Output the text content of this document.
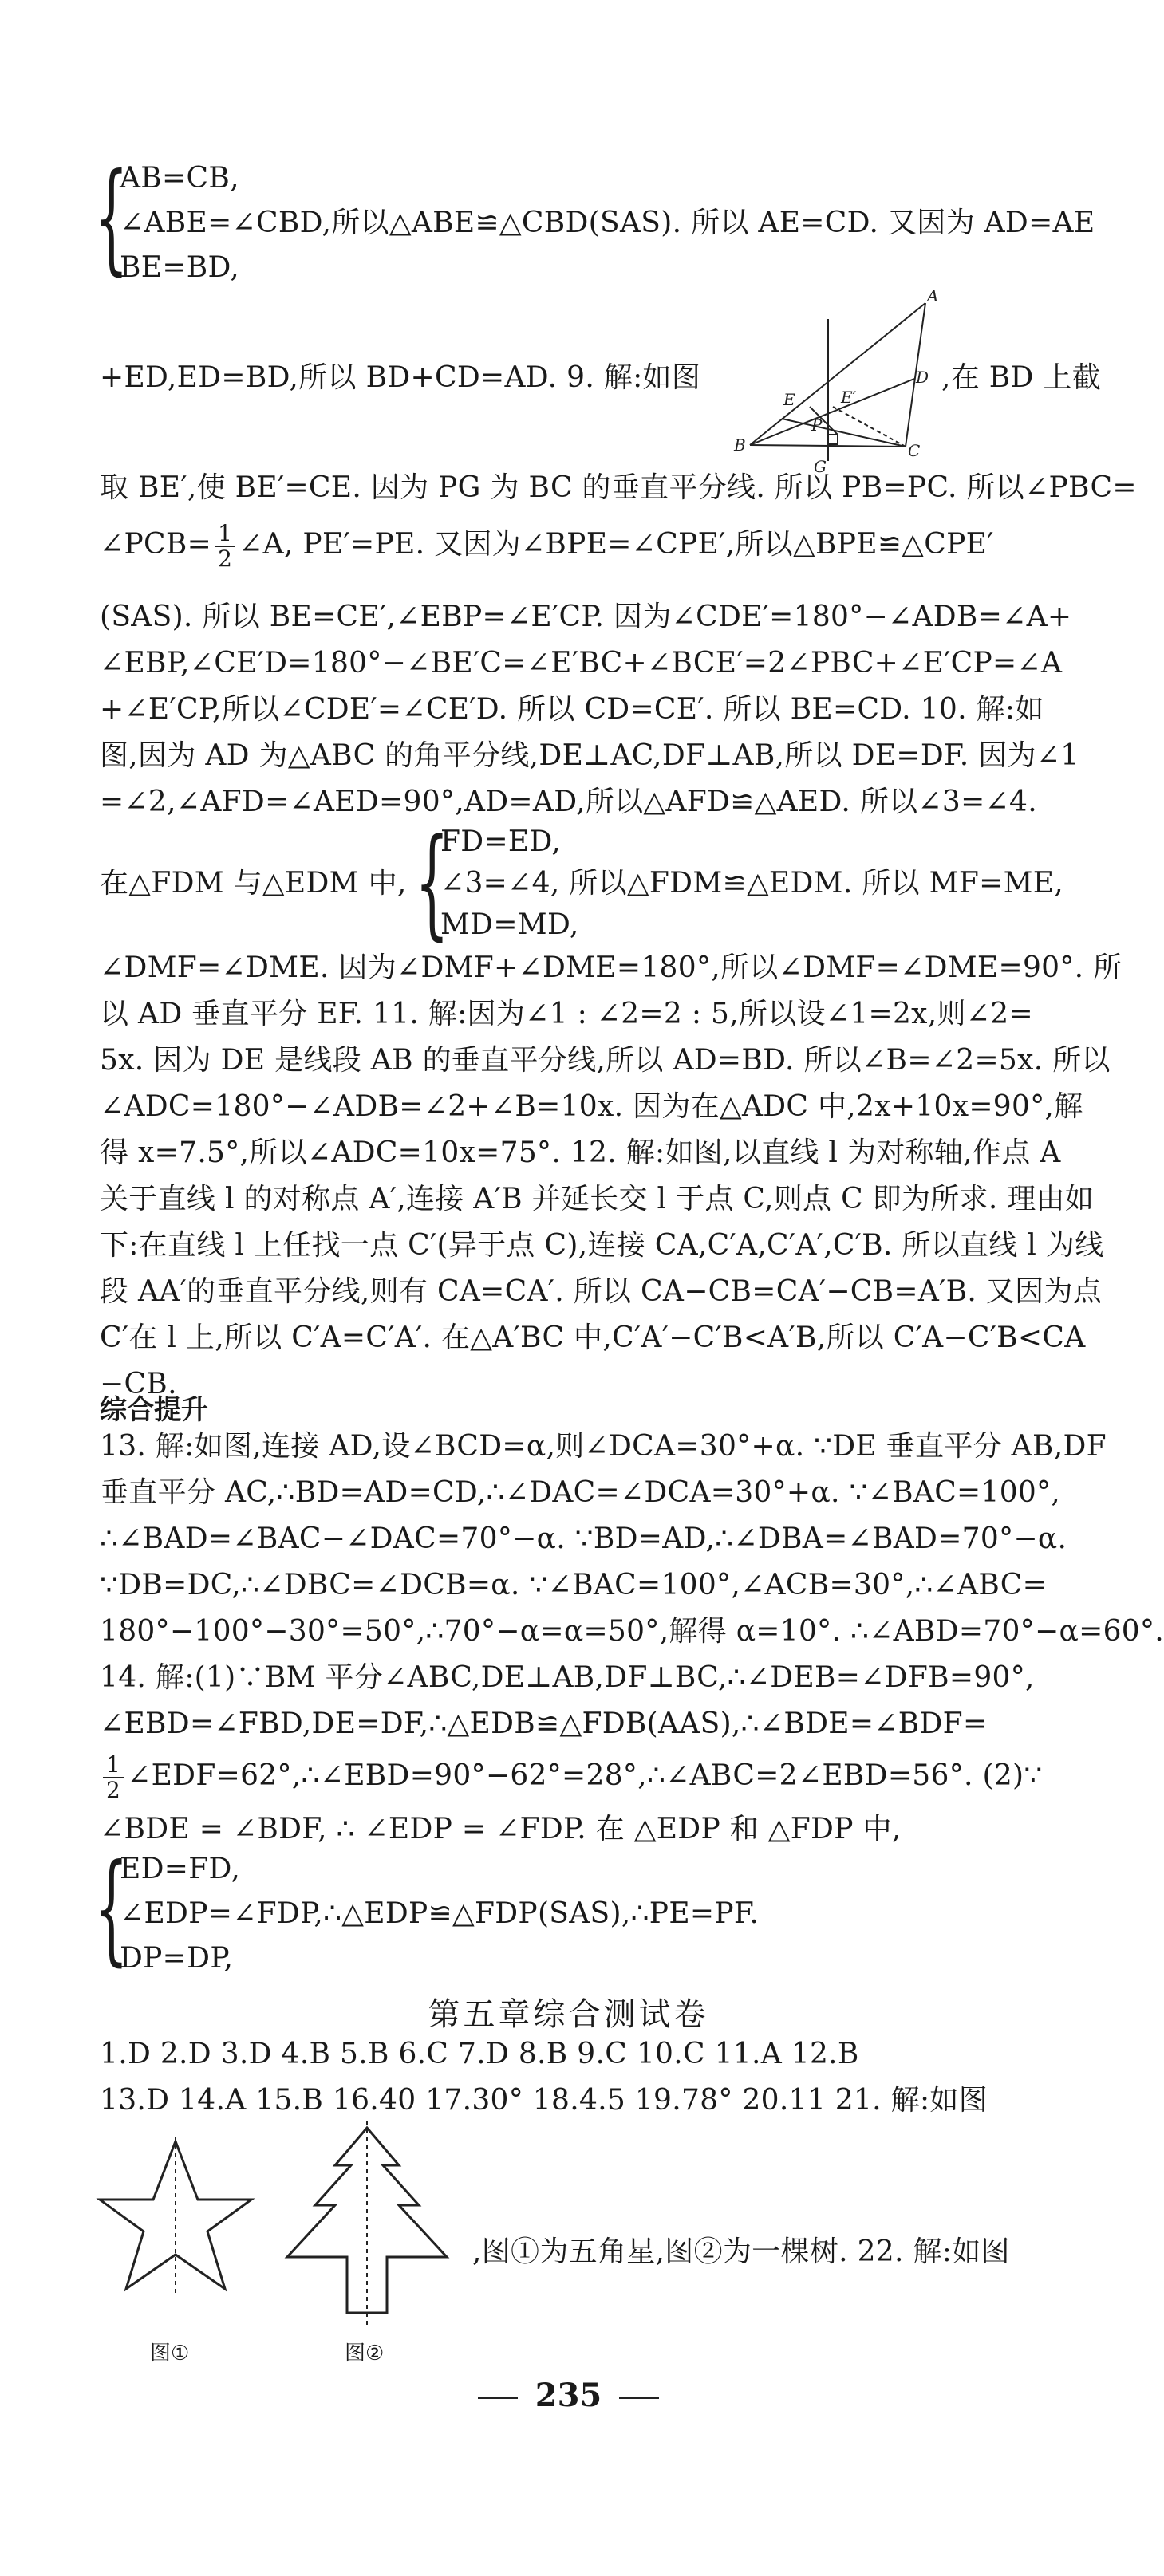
{
AB=CB,
∠ABE=∠CBD,所以△ABE≌△CBD(SAS). 所以 AE=CD. 又因为 AD=AE
BE=BD,
+ED,ED=BD,所以 BD+CD=AD. 9. 解:如图	,在 BD 上截
A
B	C
D
E	E′
P
G
取 BE′,使 BE′=CE. 因为 PG 为 BC 的垂直平分线. 所以 PB=PC. 所以∠PBC=
∠PCB= $\frac{1}{2}$ ∠A, PE′=PE. 又因为∠BPE=∠CPE′,所以△BPE≌△CPE′
(SAS). 所以 BE=CE′,∠EBP=∠E′CP. 因为∠CDE′=180°−∠ADB=∠A+
∠EBP,∠CE′D=180°−∠BE′C=∠E′BC+∠BCE′=2∠PBC+∠E′CP=∠A
+∠E′CP,所以∠CDE′=∠CE′D. 所以 CD=CE′. 所以 BE=CD. 10. 解:如
图,因为 AD 为△ABC 的角平分线,DE⊥AC,DF⊥AB,所以 DE=DF. 因为∠1
=∠2,∠AFD=∠AED=90°,AD=AD,所以△AFD≌△AED. 所以∠3=∠4.
在△FDM 与△EDM 中, {
FD=ED,
∠3=∠4, 所以△FDM≌△EDM. 所以 MF=ME,
MD=MD,
∠DMF=∠DME. 因为∠DMF+∠DME=180°,所以∠DMF=∠DME=90°. 所
以 AD 垂直平分 EF. 11. 解:因为∠1 : ∠2=2 : 5,所以设∠1=2x,则∠2=
5x. 因为 DE 是线段 AB 的垂直平分线,所以 AD=BD. 所以∠B=∠2=5x. 所以
∠ADC=180°−∠ADB=∠2+∠B=10x. 因为在△ADC 中,2x+10x=90°,解
得 x=7.5°,所以∠ADC=10x=75°. 12. 解:如图,以直线 l 为对称轴,作点 A
关于直线 l 的对称点 A′,连接 A′B 并延长交 l 于点 C,则点 C 即为所求. 理由如
下:在直线 l 上任找一点 C′(异于点 C),连接 CA,C′A,C′A′,C′B. 所以直线 l 为线
段 AA′的垂直平分线,则有 CA=CA′. 所以 CA−CB=CA′−CB=A′B. 又因为点
C′在 l 上,所以 C′A=C′A′. 在△A′BC 中,C′A′−C′B<A′B,所以 C′A−C′B<CA
−CB.
综合提升
13. 解:如图,连接 AD,设∠BCD=α,则∠DCA=30°+α. ∵DE 垂直平分 AB,DF
垂直平分 AC,∴BD=AD=CD,∴∠DAC=∠DCA=30°+α. ∵∠BAC=100°,
∴∠BAD=∠BAC−∠DAC=70°−α. ∵BD=AD,∴∠DBA=∠BAD=70°−α.
∵DB=DC,∴∠DBC=∠DCB=α. ∵∠BAC=100°,∠ACB=30°,∴∠ABC=
180°−100°−30°=50°,∴70°−α=α=50°,解得 α=10°. ∴∠ABD=70°−α=60°.
14. 解:(1)∵BM 平分∠ABC,DE⊥AB,DF⊥BC,∴∠DEB=∠DFB=90°,
∠EBD=∠FBD,DE=DF,∴△EDB≌△FDB(AAS),∴∠BDE=∠BDF=
$\frac{1}{2}$ ∠EDF=62°,∴∠EBD=90°−62°=28°,∴∠ABC=2∠EBD=56°. (2)∵
∠BDE = ∠BDF, ∴ ∠EDP = ∠FDP. 在 △EDP 和 △FDP 中,
{
ED=FD,
∠EDP=∠FDP,∴△EDP≌△FDP(SAS),∴PE=PF.
DP=DP,
第五章综合测试卷
1.D 2.D 3.D 4.B 5.B 6.C 7.D 8.B 9.C 10.C 11.A 12.B
13.D 14.A 15.B 16.40 17.30° 18.4.5 19.78° 20.11 21. 解:如图
图①	图②
,图①为五角星,图②为一棵树. 22. 解:如图
235
